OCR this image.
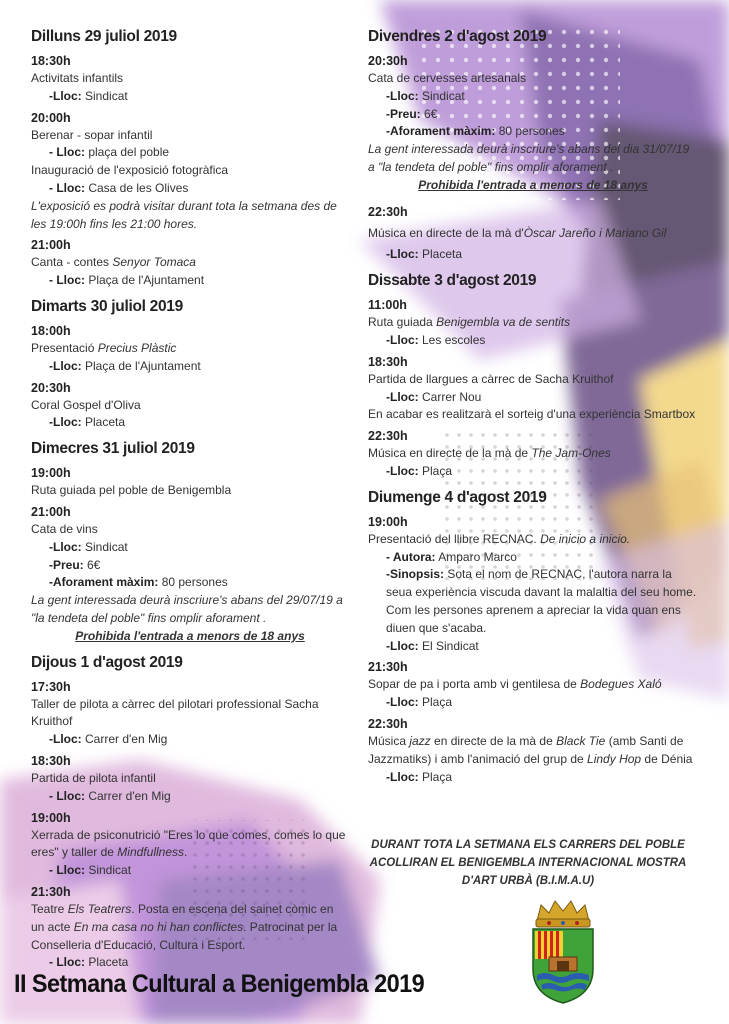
Dilluns 29 juliol 2019

18:30h
Activitats infantils
-Lloc: Sindicat
20:00h
Berenar - sopar infantil
- Lloc: plaça del poble
Inauguració de l'exposició fotogràfica
- Lloc: Casa de les Olives
L'exposició es podrà visitar durant tota la setmana des de les 19:00h fins les 21:00 hores.
21:00h
Canta - contes Senyor Tomaca
- Lloc: Plaça de l'Ajuntament

Dimarts 30 juliol 2019

18:00h
Presentació Precius Plàstic
-Lloc: Plaça de l'Ajuntament
20:30h
Coral Gospel d'Oliva
-Lloc: Placeta

Dimecres 31 juliol 2019

19:00h
Ruta guiada pel poble de Benigembla
21:00h
Cata de vins
-Lloc: Sindicat
-Preu: 6€
-Aforament màxim: 80 persones
La gent interessada deurà inscriure's abans del 29/07/19 a "la tendeta del poble" fins omplir aforament .
Prohibida l'entrada a menors de 18 anys

Dijous 1 d'agost 2019

17:30h
Taller de pilota a càrrec del pilotari professional Sacha Kruithof
-Lloc: Carrer d'en Mig
18:30h
Partida de pilota infantil
- Lloc: Carrer d'en Mig
19:00h
Xerrada de psiconutrició "Eres lo que comes, comes lo que eres" y taller de Mindfullness.
- Lloc: Sindicat
21:30h
Teatre Els Teatrers. Posta en escena del sainet còmic en un acte En ma casa no hi han conflictes. Patrocinat per la Conselleria d'Educació, Cultura i Esport.
- Lloc: Placeta

Divendres 2 d'agost 2019

20:30h
Cata de cervesses artesanals
-Lloc: Sindicat
-Preu: 6€
-Aforament màxim: 80 persones
La gent interessada deurà inscriure's abans del dia 31/07/19 a "la tendeta del poble" fins omplir aforament .
Prohibida l'entrada a menors de 18 anys
22:30h
Música en directe de la mà d'Òscar Jareño i Mariano Gil
-Lloc: Placeta

Dissabte 3 d'agost 2019

11:00h
Ruta guiada Benigembla va de sentits
-Lloc: Les escoles
18:30h
Partida de llargues a càrrec de Sacha Kruithof
-Lloc: Carrer Nou
En acabar es realitzarà el sorteig d'una experiència Smartbox
22:30h
Música en directe de la mà de The Jam-Ones
-Lloc: Plaça

Diumenge 4 d'agost 2019

19:00h
Presentació del llibre RECNAC. De inicio a inicio.
- Autora: Amparo Marco
-Sinopsis: Sota el nom de RECNAC, l'autora narra la seua experiència viscuda davant la malaltia del seu home. Com les persones aprenem a apreciar la vida quan ens diuen que s'acaba.
-Lloc: El Sindicat
21:30h
Sopar de pa i porta amb vi gentilesa de Bodegues Xaló
-Lloc: Plaça
22:30h
Música jazz en directe de la mà de Black Tie (amb Santi de Jazzmatiks) i amb l'animació del grup de Lindy Hop de Dénia
-Lloc: Plaça
DURANT TOTA LA SETMANA ELS CARRERS DEL POBLE ACOLLIRAN EL BENIGEMBLA INTERNACIONAL MOSTRA D'ART URBÀ (B.I.M.A.U)
II Setmana Cultural a Benigembla 2019
